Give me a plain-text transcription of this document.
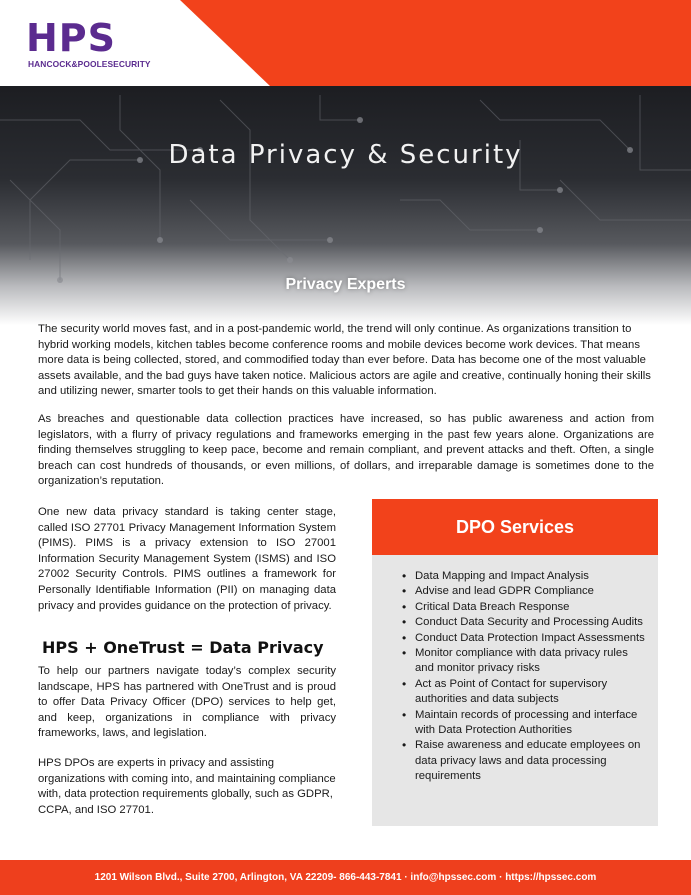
HPS
HANCOCK&POOLESECURITY
Data Privacy & Security
Privacy Experts

The security world moves fast, and in a post-pandemic world, the trend will only continue. As organizations transition to hybrid working models, kitchen tables become conference rooms and mobile devices become work devices. That means more data is being collected, stored, and commodified today than ever before. Data has become one of the most valuable assets available, and the bad guys have taken notice. Malicious actors are agile and creative, continually honing their skills and utilizing newer, smarter tools to get their hands on this valuable information.

As breaches and questionable data collection practices have increased, so has public awareness and action from legislators, with a flurry of privacy regulations and frameworks emerging in the past few years alone. Organizations are finding themselves struggling to keep pace, become and remain compliant, and prevent attacks and theft. Often, a single breach can cost hundreds of thousands, or even millions, of dollars, and irreparable damage is sometimes done to the organization’s reputation.

One new data privacy standard is taking center stage, called ISO 27701 Privacy Management Information System (PIMS). PIMS is a privacy extension to ISO 27001 Information Security Management System (ISMS) and ISO 27002 Security Controls. PIMS outlines a framework for Personally Identifiable Information (PII) on managing data privacy and provides guidance on the protection of privacy.

HPS + OneTrust = Data Privacy

To help our partners navigate today’s complex security landscape, HPS has partnered with OneTrust and is proud to offer Data Privacy Officer (DPO) services to help get, and keep, organizations in compliance with privacy frameworks, laws, and legislation.

HPS DPOs are experts in privacy and assisting organizations with coming into, and maintaining compliance with, data protection requirements globally, such as GDPR, CCPA, and ISO 27701.

DPO Services
• Data Mapping and Impact Analysis
• Advise and lead GDPR Compliance
• Critical Data Breach Response
• Conduct Data Security and Processing Audits
• Conduct Data Protection Impact Assessments
• Monitor compliance with data privacy rules and monitor privacy risks
• Act as Point of Contact for supervisory authorities and data subjects
• Maintain records of processing and interface with Data Protection Authorities
• Raise awareness and educate employees on data privacy laws and data processing requirements
1201 Wilson Blvd., Suite 2700, Arlington, VA 22209- 866-443-7841 · info@hpssec.com · https://hpssec.com
